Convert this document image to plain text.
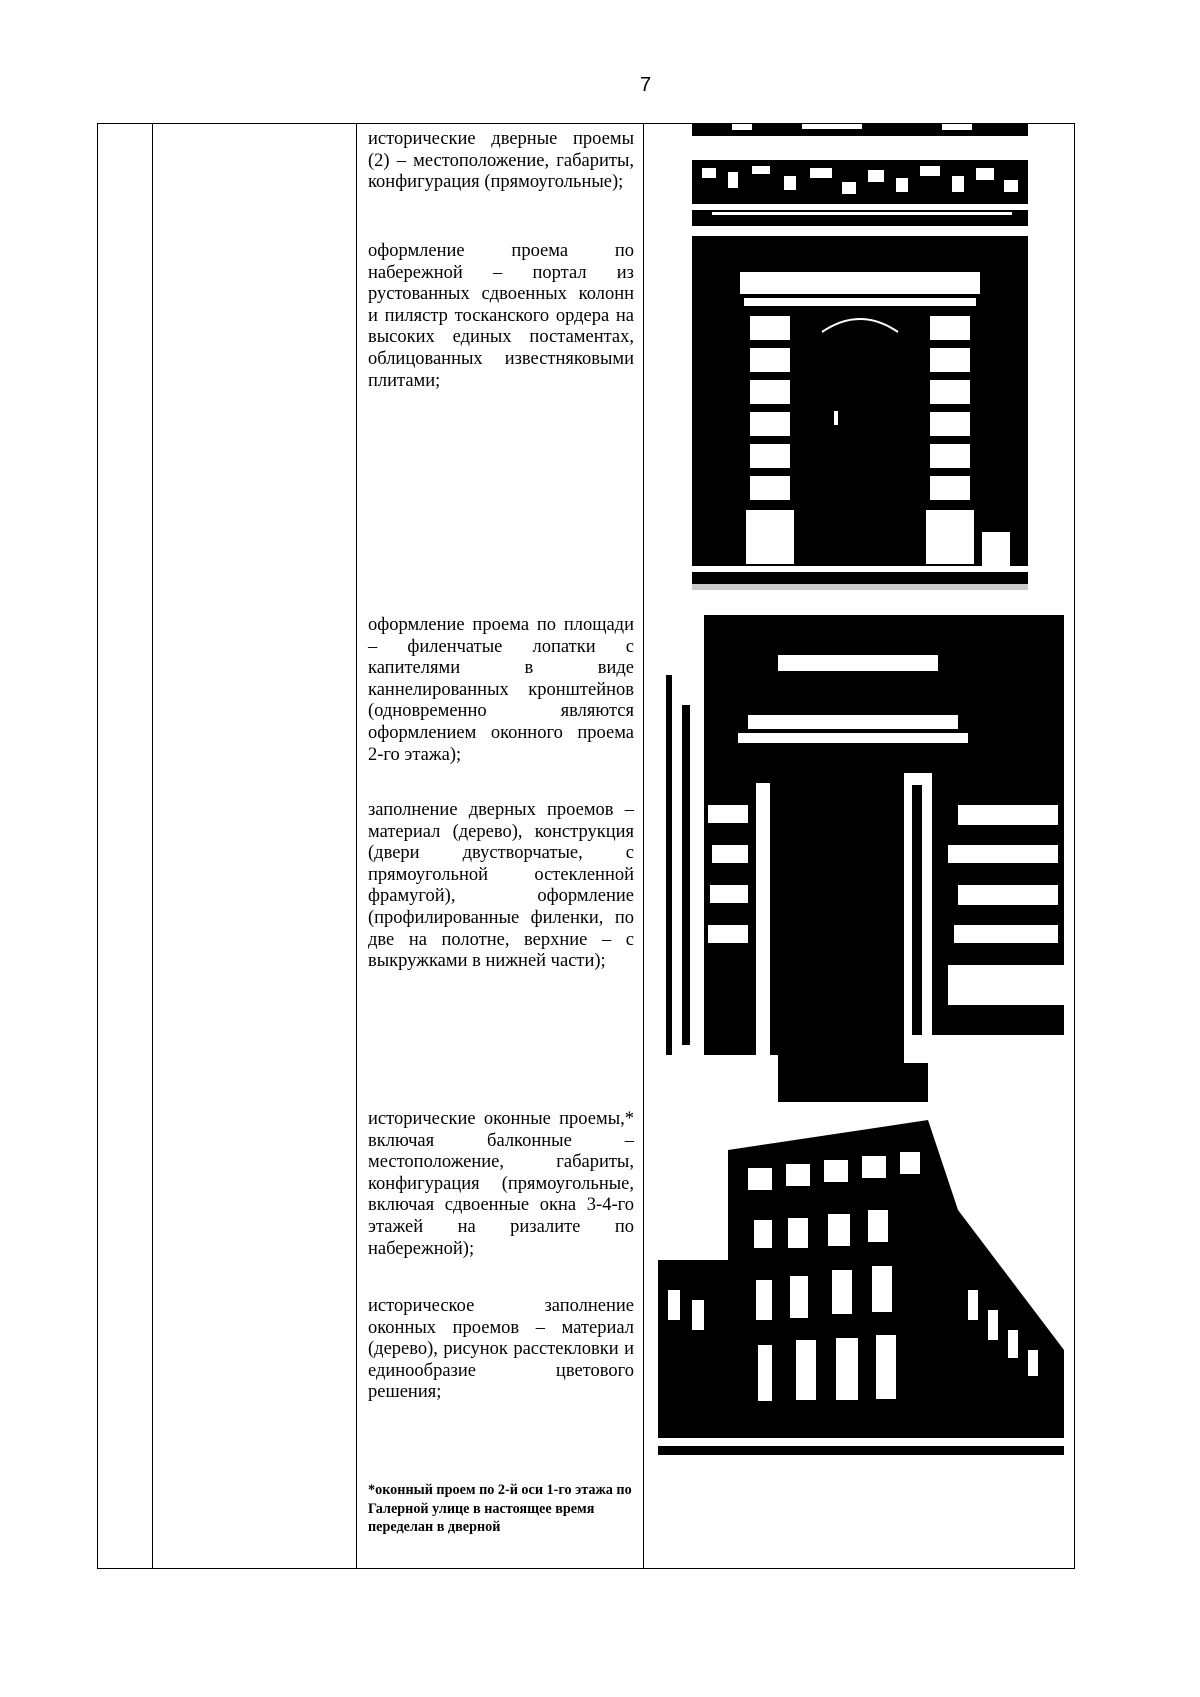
7
исторические дверные проемы (2) – местоположение, габариты, конфигурация (прямоугольные);
оформление проема по набережной – портал из рустованных сдвоенных колонн и пилястр тосканского ордера на высоких единых постаментах, облицованных известняковыми плитами;
оформление проема по площади – филенчатые лопатки с капителями в виде каннелированных кронштейнов (одновременно являются оформлением оконного проема 2-го этажа);
заполнение дверных проемов – материал (дерево), конструкция (двери двустворчатые, с прямоугольной остекленной фрамугой), оформление (профилированные филенки, по две на полотне, верхние – с выкружками в нижней части);
исторические оконные проемы,* включая балконные – местоположение, габариты, конфигурация (прямоугольные, включая сдвоенные окна 3-4-го этажей на ризалите по набережной);
историческое заполнение оконных проемов – материал (дерево), рисунок расстекловки и единообразие цветового решения;
*оконный проем по 2-й оси 1-го этажа по Галерной улице в настоящее время переделан в дверной
